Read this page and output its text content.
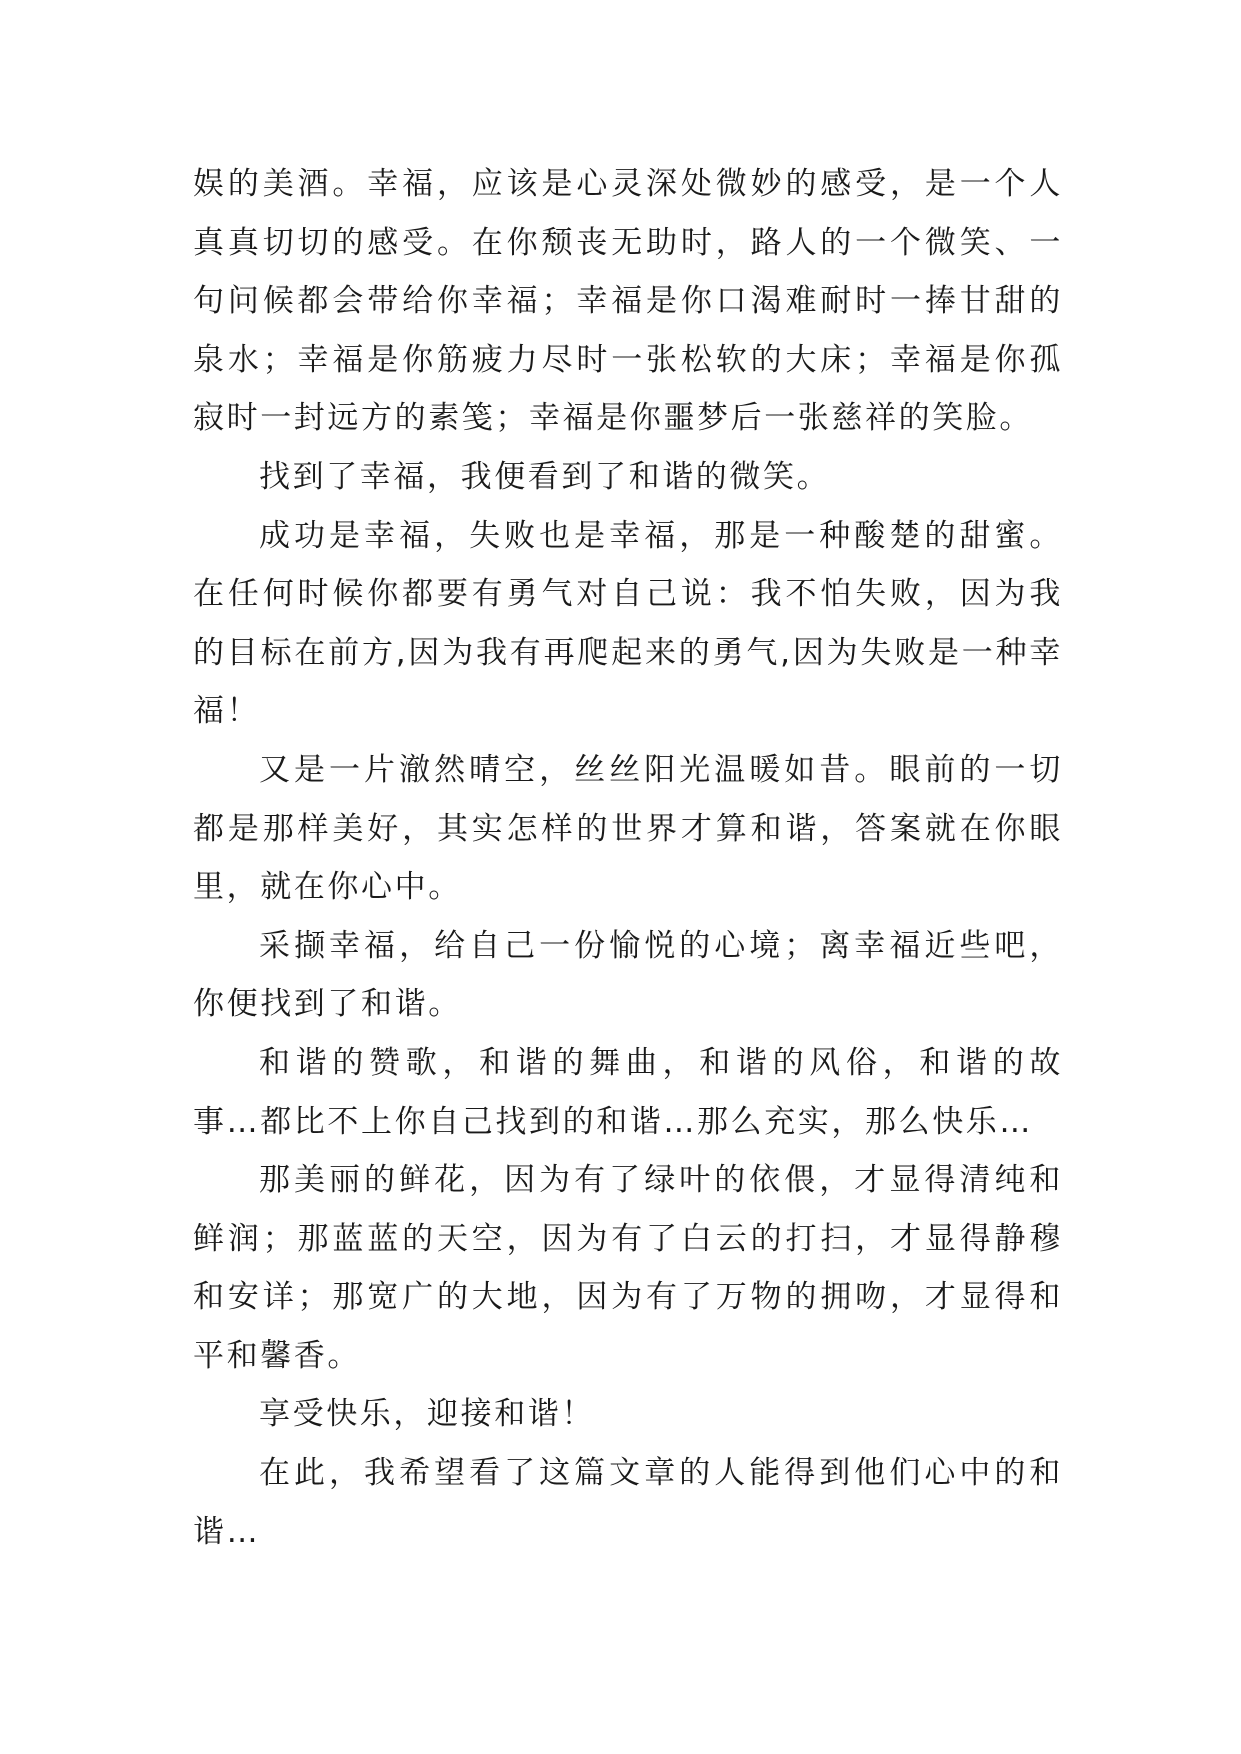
娱的美酒。幸福，应该是心灵深处微妙的感受，是一个人真真切切的感受。在你颓丧无助时，路人的一个微笑、一句问候都会带给你幸福；幸福是你口渴难耐时一捧甘甜的泉水；幸福是你筋疲力尽时一张松软的大床；幸福是你孤寂时一封远方的素笺；幸福是你噩梦后一张慈祥的笑脸。

找到了幸福，我便看到了和谐的微笑。

成功是幸福，失败也是幸福，那是一种酸楚的甜蜜。在任何时候你都要有勇气对自己说：我不怕失败，因为我的目标在前方,因为我有再爬起来的勇气,因为失败是一种幸福！

又是一片澈然晴空，丝丝阳光温暖如昔。眼前的一切都是那样美好，其实怎样的世界才算和谐，答案就在你眼里，就在你心中。

采撷幸福，给自己一份愉悦的心境；离幸福近些吧，你便找到了和谐。

和谐的赞歌，和谐的舞曲，和谐的风俗，和谐的故事…都比不上你自己找到的和谐…那么充实，那么快乐…

那美丽的鲜花，因为有了绿叶的依偎，才显得清纯和鲜润；那蓝蓝的天空，因为有了白云的打扫，才显得静穆和安详；那宽广的大地，因为有了万物的拥吻，才显得和平和馨香。

享受快乐，迎接和谐！

在此，我希望看了这篇文章的人能得到他们心中的和谐…
